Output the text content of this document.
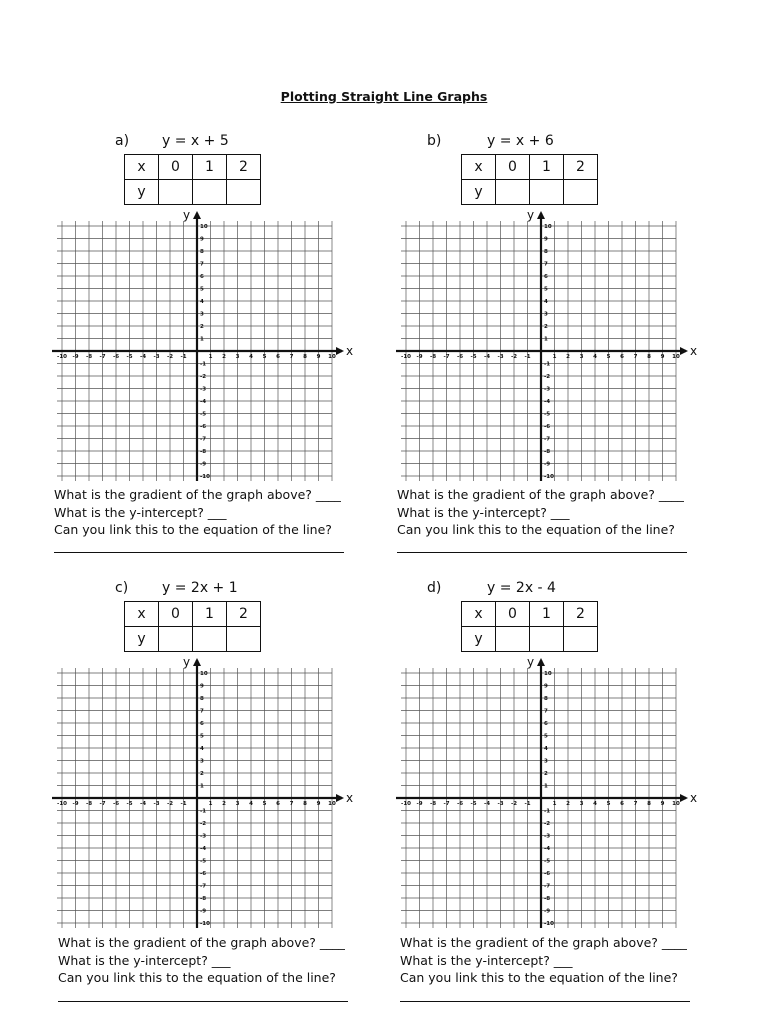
Plotting Straight Line Graphs
a) y = x + 5
x	0	1	2
y			
x
y
-10 -9 -8 -7 -6 -5 -4 -3 -2 -1	1 2 3 4 5 6 7 8 9 10
10
9
8
7
6
5
4
3
2
1
-1
-2
-3
-4
-5
-6
-7
-8
-9
-10
What is the gradient of the graph above? ____
What is the y-intercept? ___
Can you link this to the equation of the line?
b)	y = x + 6
x	0	1	2
y			
x
y
-10 -9 -8 -7 -6 -5 -4 -3 -2 -1	1 2 3 4 5 6 7 8 9 10
10
9
8
7
6
5
4
3
2
1
-1
-2
-3
-4
-5
-6
-7
-8
-9
-10
What is the gradient of the graph above? ____
What is the y-intercept? ___
Can you link this to the equation of the line?
c) y = 2x + 1
x	0	1	2
y			
x
y
-10 -9 -8 -7 -6 -5 -4 -3 -2 -1	1 2 3 4 5 6 7 8 9 10
10
9
8
7
6
5
4
3
2
1
-1
-2
-3
-4
-5
-6
-7
-8
-9
-10
What is the gradient of the graph above? ____
What is the y-intercept? ___
Can you link this to the equation of the line?
d)	y = 2x - 4
x	0	1	2
y			
x
y
-10 -9 -8 -7 -6 -5 -4 -3 -2 -1	1 2 3 4 5 6 7 8 9 10
10
9
8
7
6
5
4
3
2
1
-1
-2
-3
-4
-5
-6
-7
-8
-9
-10
What is the gradient of the graph above? ____
What is the y-intercept? ___
Can you link this to the equation of the line?
